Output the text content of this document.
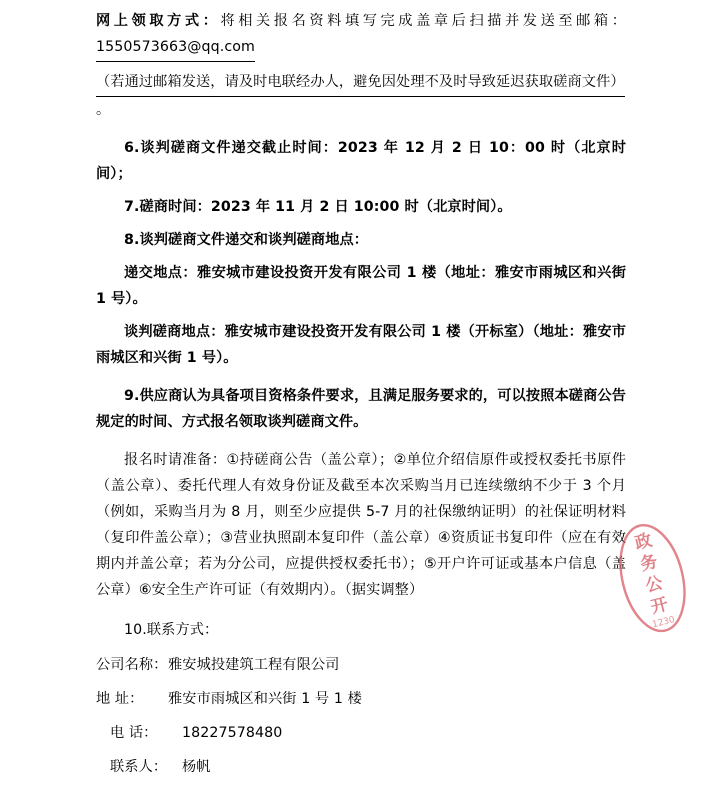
网上领取方式：将相关报名资料填写完成盖章后扫描并发送至邮箱：1550573663@qq.com

（若通过邮箱发送，请及时电联经办人，避免因处理不及时导致延迟获取磋商文件）。

6.谈判磋商文件递交截止时间：2023 年 12 月 2 日 10：00 时（北京时间）；

7.磋商时间：2023 年 11 月 2 日 10:00 时（北京时间）。

8.谈判磋商文件递交和谈判磋商地点：

递交地点：雅安城市建设投资开发有限公司 1 楼（地址：雅安市雨城区和兴街 1 号）。

谈判磋商地点：雅安城市建设投资开发有限公司 1 楼（开标室）（地址：雅安市雨城区和兴街 1 号）。

9.供应商认为具备项目资格条件要求，且满足服务要求的，可以按照本磋商公告规定的时间、方式报名领取谈判磋商文件。

报名时请准备：①持磋商公告（盖公章）；②单位介绍信原件或授权委托书原件（盖公章）、委托代理人有效身份证及截至本次采购当月已连续缴纳不少于 3 个月（例如，采购当月为 8 月，则至少应提供 5-7 月的社保缴纳证明）的社保证明材料（复印件盖公章）；③营业执照副本复印件（盖公章）④资质证书复印件（应在有效期内并盖公章；若为分公司，应提供授权委托书）；⑤开户许可证或基本户信息（盖公章）⑥安全生产许可证（有效期内）。（据实调整）

10.联系方式：

公司名称：雅安城投建筑工程有限公司

地 址： 雅安市雨城区和兴街 1 号 1 楼

电 话： 18227578480

联系人： 杨帆

政
务
公
开
1230
